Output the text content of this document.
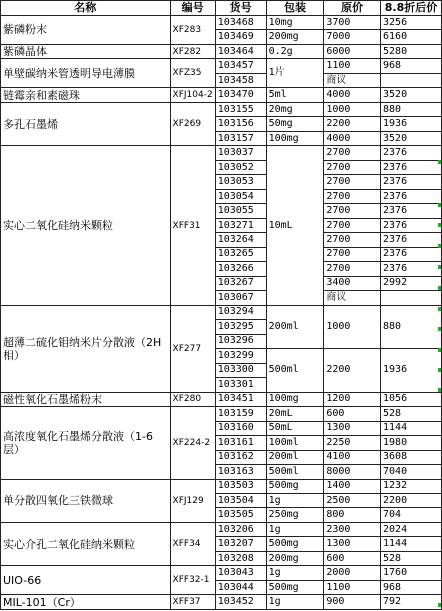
名称	编号	货号	包装	原价	8.8折后价
紫磷粉末	XF283	103468	10mg	3700	3256
		103469	200mg	7000	6160
紫磷晶体	XF282	103464	0.2g	6000	5280
单壁碳纳米管透明导电薄膜	XFZ35	103457	1片	1100	968
		103458		商议	
链霉亲和素磁珠	XFJ104-2	103470	5ml	4000	3520
多孔石墨烯	XF269	103155	20mg	1000	880
		103156	50mg	2200	1936
		103157	100mg	4000	3520
实心二氧化硅纳米颗粒	XFF31	103037	10mL	2700	2376
		103052		2700	2376
		103053		2700	2376
		103054		2700	2376
		103055		2700	2376
		103271		2700	2376
		103264		2700	2376
		103265		2700	2376
		103266		2700	2376
		103267		3400	2992
		103067		商议	
超薄二硫化钼纳米片分散液（2H相）	XF277	103294	200ml	1000	880
		103295			
		103296			
		103299	500ml	2200	1936
		103300			
		103301			
磁性氧化石墨烯粉末	XF280	103451	100mg	1200	1056
高浓度氧化石墨烯分散液（1-6层）	XF224-2	103159	20mL	600	528
		103160	50mL	1300	1144
		103161	100ml	2250	1980
		103162	200ml	4100	3608
		103163	500ml	8000	7040
单分散四氧化三铁微球	XFJ129	103503	500mg	1400	1232
		103504	1g	2500	2200
		103505	250mg	800	704
实心介孔二氧化硅纳米颗粒	XFF34	103206	1g	2300	2024
		103207	500mg	1300	1144
		103208	200mg	600	528
UIO-66	XFF32-1	103043	1g	2000	1760
		103044	500mg	1100	968
MIL-101（Cr）	XFF37	103452	1g	900	792
